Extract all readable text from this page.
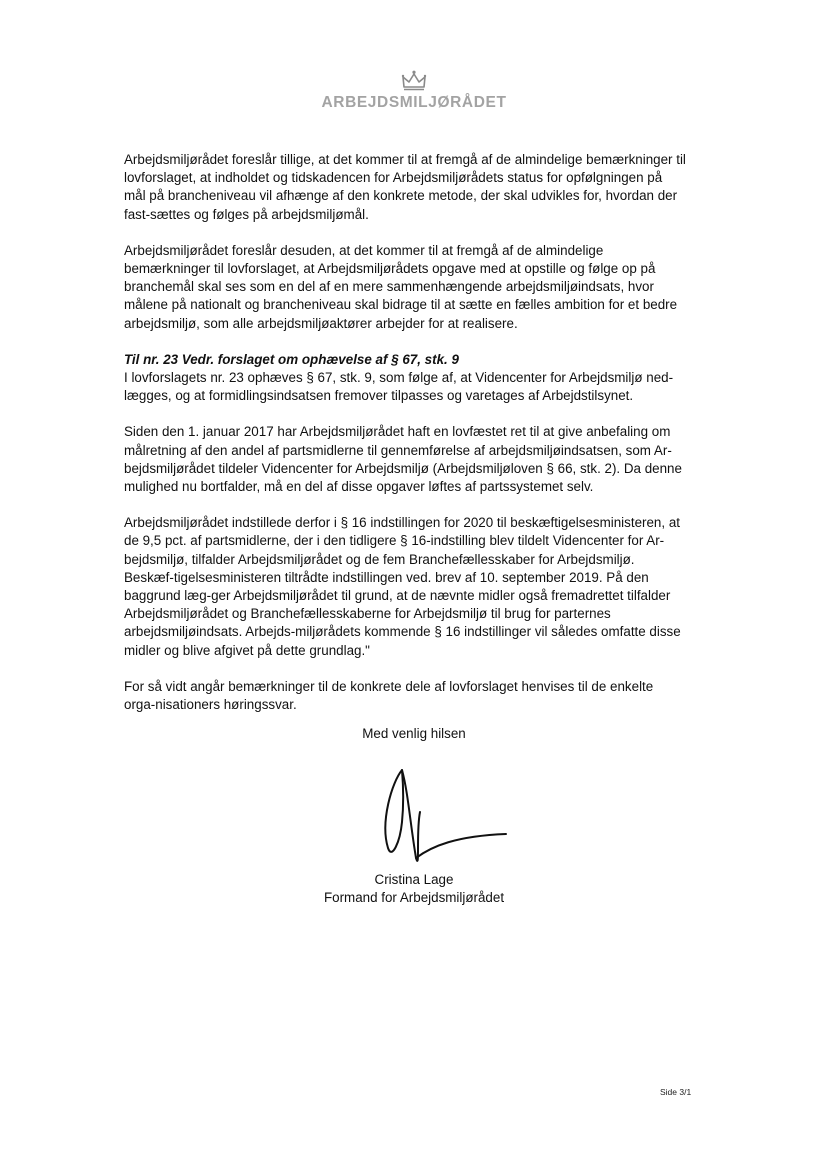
ARBEJDSMILJØRÅDET

Arbejdsmiljørådet foreslår tillige, at det kommer til at fremgå af de almindelige bemærkninger til lovforslaget, at indholdet og tidskadencen for Arbejdsmiljørådets status for opfølgningen på mål på brancheniveau vil afhænge af den konkrete metode, der skal udvikles for, hvordan der fast-sættes og følges på arbejdsmiljømål.

Arbejdsmiljørådet foreslår desuden, at det kommer til at fremgå af de almindelige bemærkninger til lovforslaget, at Arbejdsmiljørådets opgave med at opstille og følge op på branchemål skal ses som en del af en mere sammenhængende arbejdsmiljøindsats, hvor målene på nationalt og brancheniveau skal bidrage til at sætte en fælles ambition for et bedre arbejdsmiljø, som alle arbejdsmiljøaktører arbejder for at realisere.

Til nr. 23 Vedr. forslaget om ophævelse af § 67, stk. 9
I lovforslagets nr. 23 ophæves § 67, stk. 9, som følge af, at Videncenter for Arbejdsmiljø ned-lægges, og at formidlingsindsatsen fremover tilpasses og varetages af Arbejdstilsynet.

Siden den 1. januar 2017 har Arbejdsmiljørådet haft en lovfæstet ret til at give anbefaling om målretning af den andel af partsmidlerne til gennemførelse af arbejdsmiljøindsatsen, som Ar-bejdsmiljørådet tildeler Videncenter for Arbejdsmiljø (Arbejdsmiljøloven § 66, stk. 2). Da denne mulighed nu bortfalder, må en del af disse opgaver løftes af partssystemet selv.

Arbejdsmiljørådet indstillede derfor i § 16 indstillingen for 2020 til beskæftigelsesministeren, at de 9,5 pct. af partsmidlerne, der i den tidligere § 16-indstilling blev tildelt Videncenter for Ar-bejdsmiljø, tilfalder Arbejdsmiljørådet og de fem Branchefællesskaber for Arbejdsmiljø. Beskæf-tigelsesministeren tiltrådte indstillingen ved. brev af 10. september 2019. På den baggrund læg-ger Arbejdsmiljørådet til grund, at de nævnte midler også fremadrettet tilfalder Arbejdsmiljørådet og Branchefællesskaberne for Arbejdsmiljø til brug for parternes arbejdsmiljøindsats. Arbejds-miljørådets kommende § 16 indstillinger vil således omfatte disse midler og blive afgivet på dette grundlag."

For så vidt angår bemærkninger til de konkrete dele af lovforslaget henvises til de enkelte orga-nisationers høringssvar.

Med venlig hilsen
Cristina Lage
Formand for Arbejdsmiljørådet
Side 3/1
